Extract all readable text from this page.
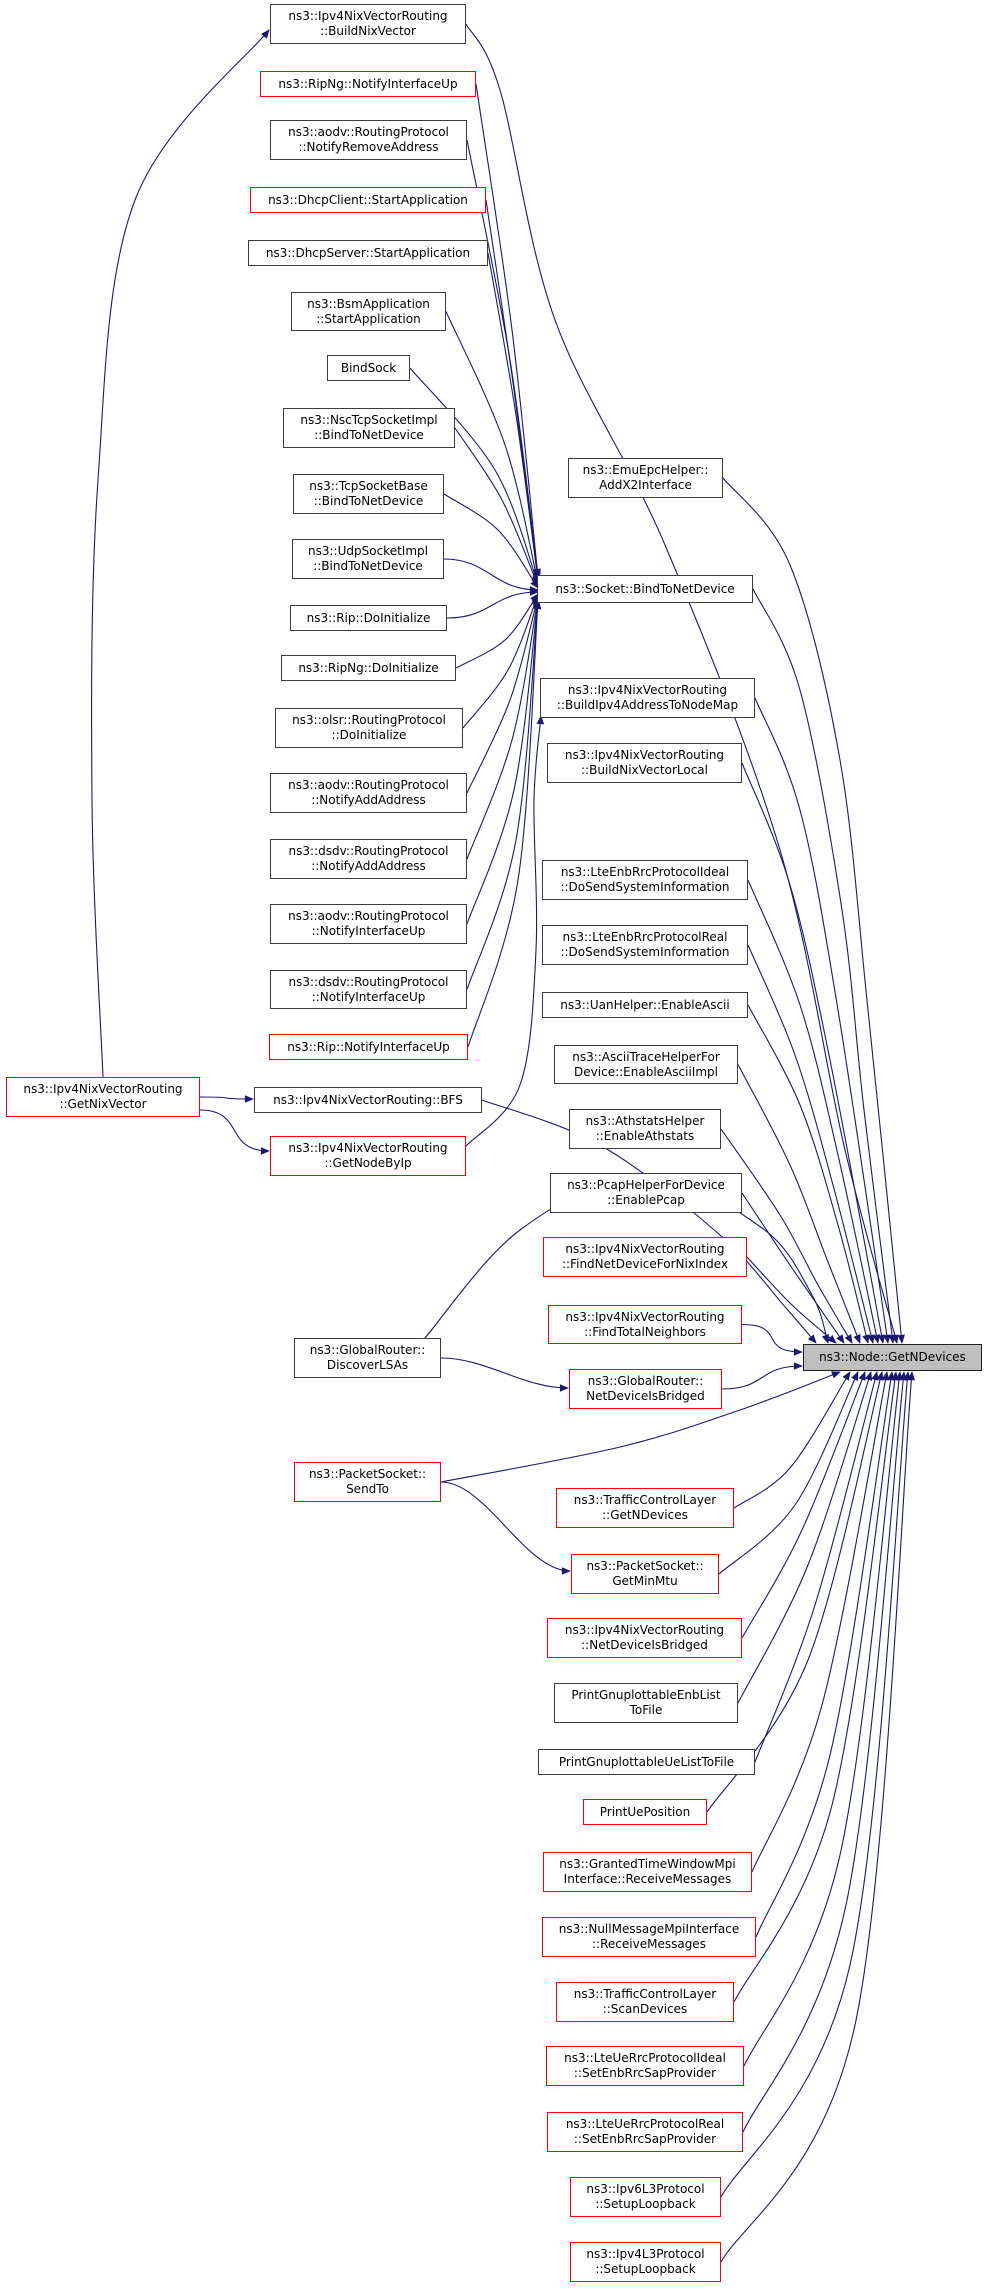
ns3::Ipv4NixVectorRouting
::BuildNixVector
ns3::RipNg::NotifyInterfaceUp
ns3::aodv::RoutingProtocol
::NotifyRemoveAddress
ns3::DhcpClient::StartApplication
ns3::DhcpServer::StartApplication
ns3::BsmApplication
::StartApplication
BindSock
ns3::NscTcpSocketImpl
::BindToNetDevice
ns3::TcpSocketBase
::BindToNetDevice
ns3::UdpSocketImpl
::BindToNetDevice
ns3::Rip::DoInitialize
ns3::RipNg::DoInitialize
ns3::olsr::RoutingProtocol
::DoInitialize
ns3::aodv::RoutingProtocol
::NotifyAddAddress
ns3::dsdv::RoutingProtocol
::NotifyAddAddress
ns3::aodv::RoutingProtocol
::NotifyInterfaceUp
ns3::dsdv::RoutingProtocol
::NotifyInterfaceUp
ns3::Rip::NotifyInterfaceUp
ns3::Ipv4NixVectorRouting::BFS
ns3::Ipv4NixVectorRouting
::GetNodeByIp
ns3::Ipv4NixVectorRouting
::GetNixVector
ns3::GlobalRouter::
DiscoverLSAs
ns3::PacketSocket::
SendTo
ns3::EmuEpcHelper::
AddX2Interface
ns3::Socket::BindToNetDevice
ns3::Ipv4NixVectorRouting
::BuildIpv4AddressToNodeMap
ns3::Ipv4NixVectorRouting
::BuildNixVectorLocal
ns3::LteEnbRrcProtocolIdeal
::DoSendSystemInformation
ns3::LteEnbRrcProtocolReal
::DoSendSystemInformation
ns3::UanHelper::EnableAscii
ns3::AsciiTraceHelperFor
Device::EnableAsciiImpl
ns3::AthstatsHelper
::EnableAthstats
ns3::PcapHelperForDevice
::EnablePcap
ns3::Ipv4NixVectorRouting
::FindNetDeviceForNixIndex
ns3::Ipv4NixVectorRouting
::FindTotalNeighbors
ns3::GlobalRouter::
NetDeviceIsBridged
ns3::TrafficControlLayer
::GetNDevices
ns3::PacketSocket::
GetMinMtu
ns3::Ipv4NixVectorRouting
::NetDeviceIsBridged
PrintGnuplottableEnbList
ToFile
PrintGnuplottableUeListToFile
PrintUePosition
ns3::GrantedTimeWindowMpi
Interface::ReceiveMessages
ns3::NullMessageMpiInterface
::ReceiveMessages
ns3::TrafficControlLayer
::ScanDevices
ns3::LteUeRrcProtocolIdeal
::SetEnbRrcSapProvider
ns3::LteUeRrcProtocolReal
::SetEnbRrcSapProvider
ns3::Ipv6L3Protocol
::SetupLoopback
ns3::Ipv4L3Protocol
::SetupLoopback
ns3::Node::GetNDevices
